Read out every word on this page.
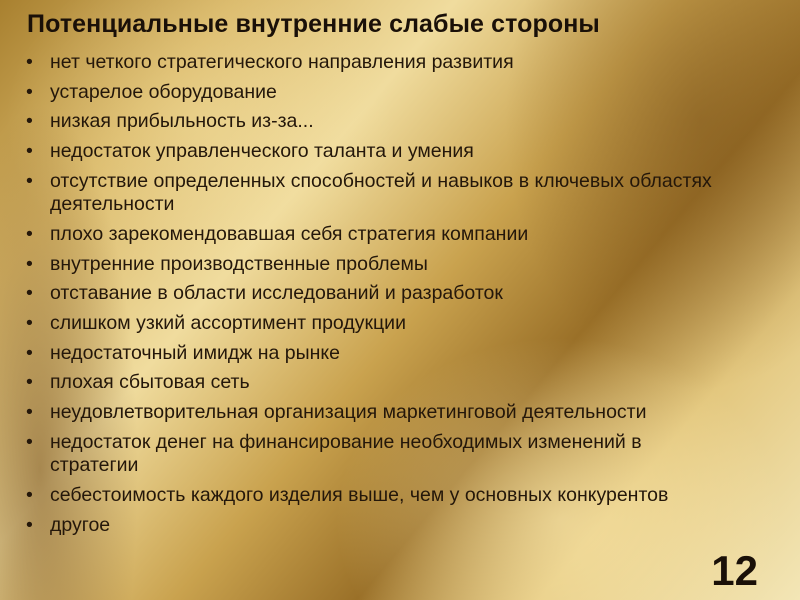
Потенциальные внутренние слабые стороны
• нет четкого стратегического направления развития
• устарелое оборудование
• низкая прибыльность из-за...
• недостаток управленческого таланта и умения
• отсутствие определенных способностей и навыков в ключевых областях деятельности
• плохо зарекомендовавшая себя стратегия компании
• внутренние производственные проблемы
• отставание в области исследований и разработок
• слишком узкий ассортимент продукции
• недостаточный имидж на рынке
• плохая сбытовая сеть
• неудовлетворительная организация маркетинговой деятельности
• недостаток денег на финансирование необходимых изменений в стратегии
• себестоимость каждого изделия выше, чем у основных конкурентов
• другое
12
